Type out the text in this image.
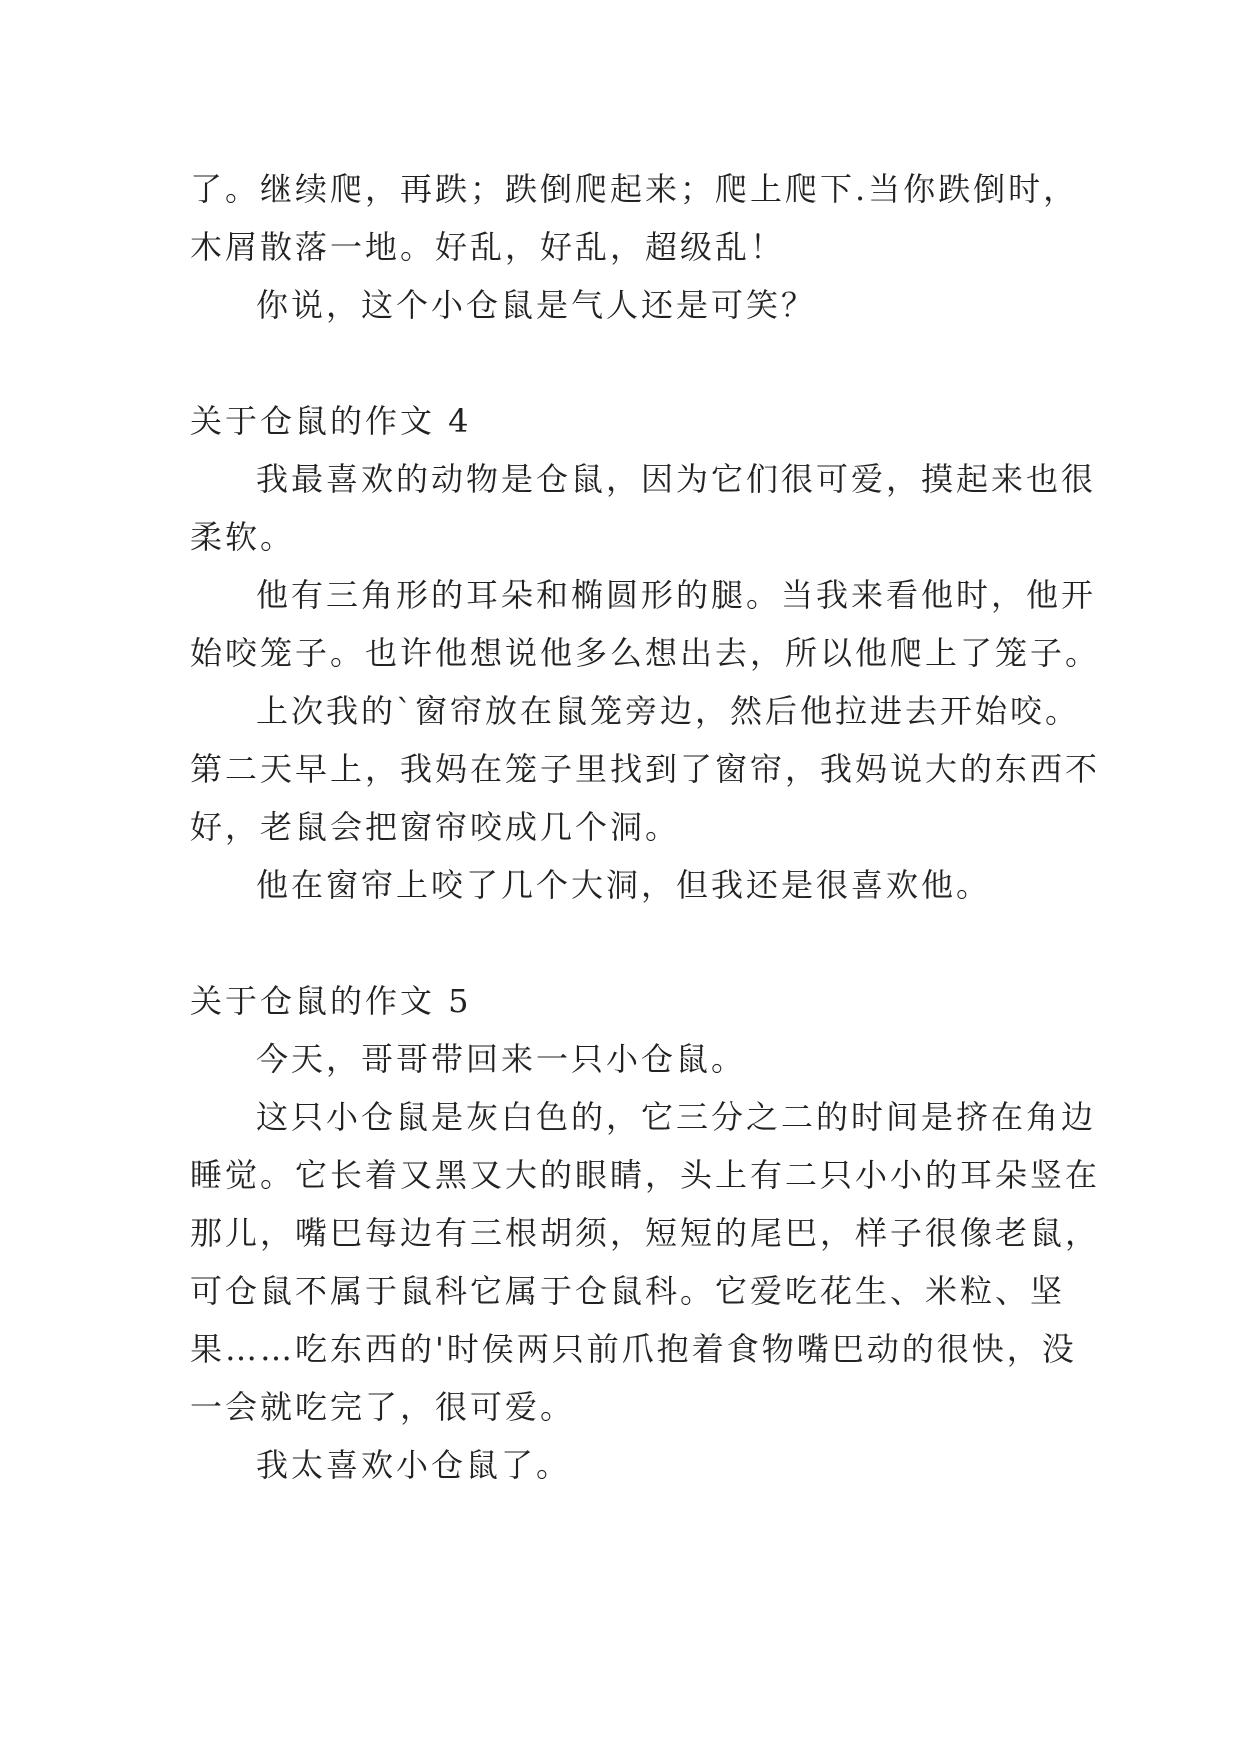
了。继续爬，再跌；跌倒爬起来；爬上爬下.当你跌倒时，
木屑散落一地。好乱，好乱，超级乱！
你说，这个小仓鼠是气人还是可笑？
关于仓鼠的作文 4
我最喜欢的动物是仓鼠，因为它们很可爱，摸起来也很
柔软。
他有三角形的耳朵和椭圆形的腿。当我来看他时，他开
始咬笼子。也许他想说他多么想出去，所以他爬上了笼子。
上次我的`窗帘放在鼠笼旁边，然后他拉进去开始咬。
第二天早上，我妈在笼子里找到了窗帘，我妈说大的东西不
好，老鼠会把窗帘咬成几个洞。
他在窗帘上咬了几个大洞，但我还是很喜欢他。
关于仓鼠的作文 5
今天，哥哥带回来一只小仓鼠。
这只小仓鼠是灰白色的，它三分之二的时间是挤在角边
睡觉。它长着又黑又大的眼睛，头上有二只小小的耳朵竖在
那儿，嘴巴每边有三根胡须，短短的尾巴，样子很像老鼠，
可仓鼠不属于鼠科它属于仓鼠科。它爱吃花生、米粒、坚
果……吃东西的'时侯两只前爪抱着食物嘴巴动的很快，没
一会就吃完了，很可爱。
我太喜欢小仓鼠了。
